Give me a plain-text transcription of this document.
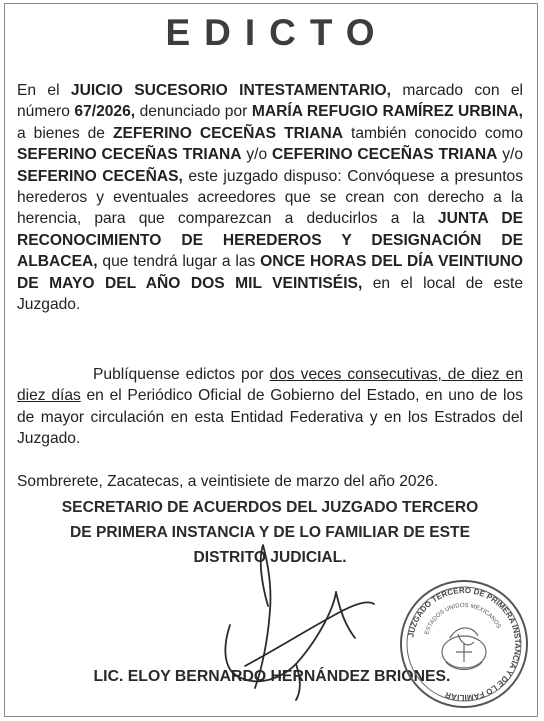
EDICTO
En el JUICIO SUCESORIO INTESTAMENTARIO, marcado con el número 67/2026, denunciado por MARÍA REFUGIO RAMÍREZ URBINA, a bienes de ZEFERINO CECEÑAS TRIANA también conocido como SEFERINO CECEÑAS TRIANA y/o CEFERINO CECEÑAS TRIANA y/o SEFERINO CECEÑAS, este juzgado dispuso: Convóquese a presuntos herederos y eventuales acreedores que se crean con derecho a la herencia, para que comparezcan a deducirlos a la JUNTA DE RECONOCIMIENTO DE HEREDEROS Y DESIGNACIÓN DE ALBACEA, que tendrá lugar a las ONCE HORAS DEL DÍA VEINTIUNO DE MAYO DEL AÑO DOS MIL VEINTISÉIS, en el local de este Juzgado.
Publíquense edictos por dos veces consecutivas, de diez en diez días en el Periódico Oficial de Gobierno del Estado, en uno de los de mayor circulación en esta Entidad Federativa y en los Estrados del Juzgado.
Sombrerete, Zacatecas, a veintisiete de marzo del año 2026.
SECRETARIO DE ACUERDOS DEL JUZGADO TERCERO
DE PRIMERA INSTANCIA Y DE LO FAMILIAR DE ESTE
DISTRITO JUDICIAL.
LIC. ELOY BERNARDO HERNÁNDEZ BRIONES.
JUZGADO TERCERO DE PRIMERA INSTANCIA Y DE LO FAMILIAR
ESTADOS UNIDOS MEXICANOS
